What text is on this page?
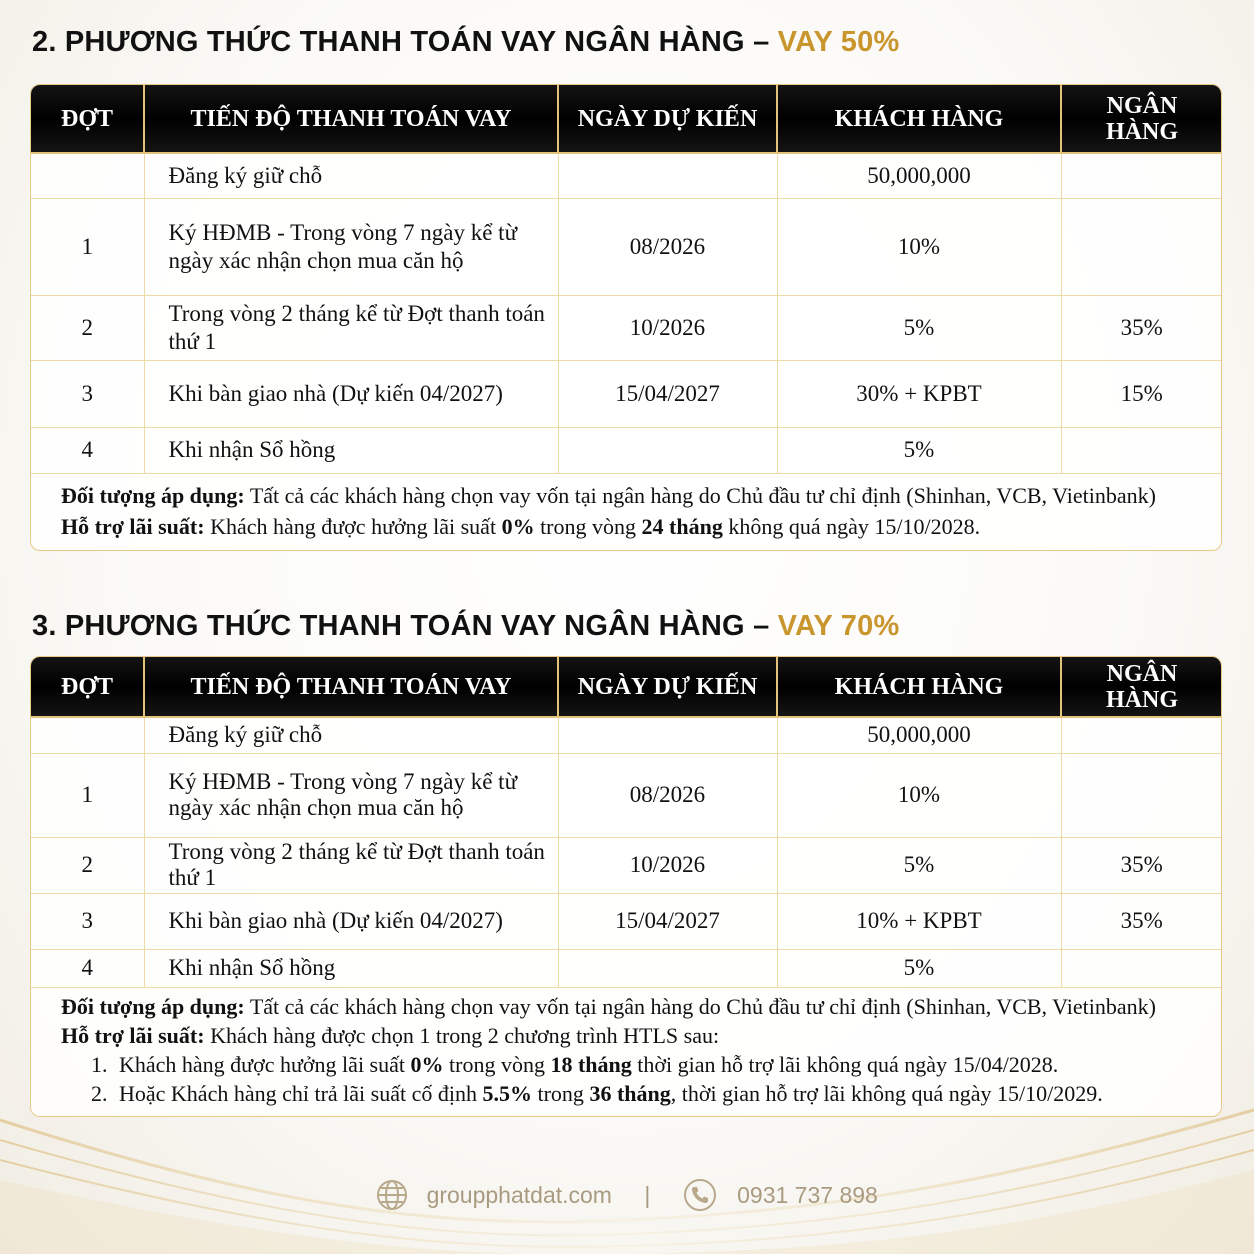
2. PHƯƠNG THỨC THANH TOÁN VAY NGÂN HÀNG – VAY 50%
ĐỢT	TIẾN ĐỘ THANH TOÁN VAY	NGÀY DỰ KIẾN	KHÁCH HÀNG	NGÂN HÀNG
	Đăng ký giữ chỗ		50,000,000	
1	Ký HĐMB - Trong vòng 7 ngày kể từ ngày xác nhận chọn mua căn hộ	08/2026	10%	
2	Trong vòng 2 tháng kể từ Đợt thanh toán thứ 1	10/2026	5%	35%
3	Khi bàn giao nhà (Dự kiến 04/2027)	15/04/2027	30% + KPBT	15%
4	Khi nhận Sổ hồng		5%	

Đối tượng áp dụng: Tất cả các khách hàng chọn vay vốn tại ngân hàng do Chủ đầu tư chỉ định (Shinhan, VCB, Vietinbank)

Hỗ trợ lãi suất: Khách hàng được hưởng lãi suất 0% trong vòng 24 tháng không quá ngày 15/10/2028.

3. PHƯƠNG THỨC THANH TOÁN VAY NGÂN HÀNG – VAY 70%
ĐỢT	TIẾN ĐỘ THANH TOÁN VAY	NGÀY DỰ KIẾN	KHÁCH HÀNG	NGÂN HÀNG
	Đăng ký giữ chỗ		50,000,000	
1	Ký HĐMB - Trong vòng 7 ngày kể từ ngày xác nhận chọn mua căn hộ	08/2026	10%	
2	Trong vòng 2 tháng kể từ Đợt thanh toán thứ 1	10/2026	5%	35%
3	Khi bàn giao nhà (Dự kiến 04/2027)	15/04/2027	10% + KPBT	35%
4	Khi nhận Sổ hồng		5%	

Đối tượng áp dụng: Tất cả các khách hàng chọn vay vốn tại ngân hàng do Chủ đầu tư chỉ định (Shinhan, VCB, Vietinbank)

Hỗ trợ lãi suất: Khách hàng được chọn 1 trong 2 chương trình HTLS sau:

1. Khách hàng được hưởng lãi suất 0% trong vòng 18 tháng thời gian hỗ trợ lãi không quá ngày 15/04/2028.
2. Hoặc Khách hàng chỉ trả lãi suất cố định 5.5% trong 36 tháng, thời gian hỗ trợ lãi không quá ngày 15/10/2029.
groupphatdat.com |	0931 737 898
